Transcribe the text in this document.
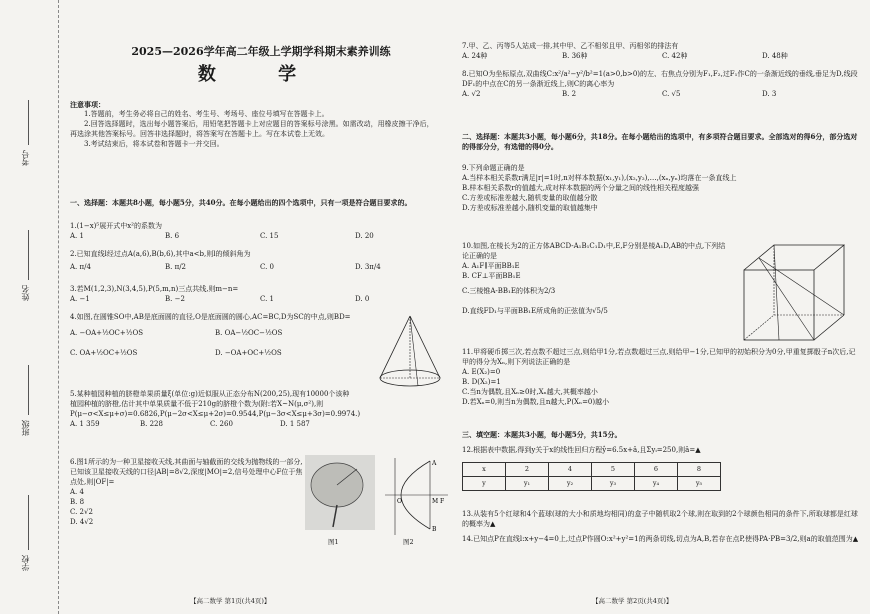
考号
姓名
班级
学校
2025—2026学年高二年级上学期学科期末素养训练
数 学
注意事项：
1.答题前，考生务必将自己的姓名、考生号、考场号、座位号填写在答题卡上。
2.回答选择题时，选出每小题答案后，用铅笔把答题卡上对应题目的答案标号涂黑。如需改动，用橡皮擦干净后，再选涂其他答案标号。回答非选择题时，将答案写在答题卡上。写在本试卷上无效。
3.考试结束后，将本试卷和答题卡一并交回。
一、选择题：本题共8小题，每小题5分，共40分。在每小题给出的四个选项中，只有一项是符合题目要求的。
1.(1−x)⁵展开式中x²的系数为
A. 1	B. 6	C. 15	D. 20
2.已知直线l经过点A(a,6),B(b,6),其中a<b,则l的倾斜角为
A. π/4	B. π/2	C. 0	D. 3π/4
3.若M(1,2,3),N(3,4,5),P(5,m,n)三点共线,则m−n=
A. −1	B. −2	C. 1	D. 0
4.如图,在圆锥SO中,AB是底面圆的直径,O是底面圆的圆心,AC=BC,D为SC的中点,则BD=
A. −OA+½OC+½OS	B. OA−½OC−½OS
C. OA+½OC+½OS	D. −OA+OC+½OS
5.某种植园种植的脐橙单果质量ξ(单位:g)近似服从正态分布N(200,25),现有10000个该种植园种植的脐橙,估计其中单果质量不低于210g的脐橙个数为(附:若X~N(μ,σ²),则P(μ−σ<X≤μ+σ)=0.6826,P(μ−2σ<X≤μ+2σ)=0.9544,P(μ−3σ<X≤μ+3σ)=0.9974.)
A. 1 359	B. 228	C. 260	D. 1 587
6.图1所示的为一种卫星接收天线,其曲面与轴截面的交线为抛物线的一部分,已知该卫星接收天线的口径|AB|=8√2,深度|MO|=2,信号处理中心F位于焦点处,则|OF|=
A. 4
B. 8
C. 2√2
D. 4√2
图1
O	M F
A
B
图2
【高二数学 第1页(共4页)】
7.甲、乙、丙等5人站成一排,其中甲、乙不相邻且甲、丙相邻的排法有
A. 24种	B. 36种	C. 42种	D. 48种
8.已知O为坐标原点,双曲线C:x²/a²−y²/b²=1(a>0,b>0)的左、右焦点分别为F₁,F₂,过F₁作C的一条渐近线的垂线,垂足为D,线段DF₁的中点在C的另一条渐近线上,则C的离心率为
A. √2	B. 2	C. √5	D. 3
二、选择题：本题共3小题，每小题6分，共18分。在每小题给出的选项中，有多项符合题目要求。全部选对的得6分，部分选对的得部分分，有选错的得0分。
9.下列命题正确的是
A.当样本相关系数r满足|r|=1时,n对样本数据(x₁,y₁),(x₂,y₂),…,(xₙ,yₙ)均落在一条直线上
B.样本相关系数r的值越大,成对样本数据的两个分量之间的线性相关程度越强
C.方差或标准差越大,随机变量的取值越分散
D.方差或标准差越小,随机变量的取值越集中
10.如图,在棱长为2的正方体ABCD-A₁B₁C₁D₁中,E,F分别是棱A₁D,AB的中点,下列结论正确的是
A. A₁F∥平面BB₁E
B. CF⊥平面BB₁E
C.三棱锥A-BB₁E的体积为2/3
D.直线FD₁与平面BB₁E所成角的正弦值为√5/5
11.甲将硬币掷三次,若点数不超过三点,则给甲1分,若点数超过三点,则给甲−1分,已知甲的初始积分为0分,甲重复掷骰子n次后,记甲的得分为Xₙ,则下列说法正确的是
A. E(X₂)=0
B. D(X₂)=1
C.当n为偶数,且Xₙ≥0时,Xₙ越大,其概率越小
D.若Xₙ=0,则当n为偶数,且n越大,P(Xₙ=0)越小
三、填空题：本题共3小题，每小题5分，共15分。
12.根据表中数据,得到y关于x的线性回归方程ŷ=6.5x+â,且Σyᵢ=250,则â=▲
x	2	4	5	6	8
y	y₁	y₂	y₃	y₄	y₅
13.从装有5个红球和4个蓝球(球的大小和质地均相同)的盒子中随机取2个球,则在取到的2个球颜色相同的条件下,所取球都是红球的概率为▲
14.已知点P在直线l:x+y−4=0上,过点P作圆O:x²+y²=1的两条切线,切点为A,B,若存在点P,使得PA·PB=3/2,则a的取值范围为▲
【高二数学 第2页(共4页)】
